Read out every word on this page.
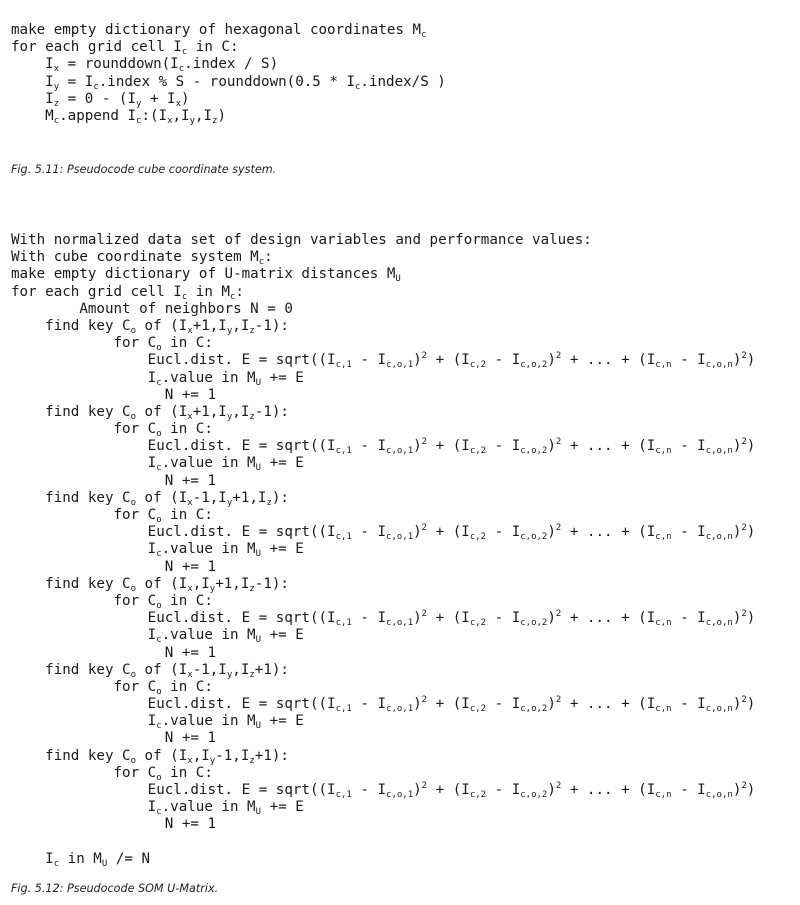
make empty dictionary of hexagonal coordinates $M_c$
for each grid cell $I_c$ in C:
$I_x$ = $rounddown(I_c.index / S)$
$I_y$ = $I_c.index$ % S - rounddown(0.5 * $I_c.index/S$ )
$I_z = 0 - (I_y + I_x)$
$M_c.append$ $I_c:(I_x,I_y,I_z)$
Fig. 5.11: Pseudocode cube coordinate system.
With normalized data set of design variables and performance values:
With cube coordinate system $M_c$:
make empty dictionary of U-matrix distances $M_U$
for each grid cell $I_c$ in $M_c$:
Amount of neighbors N = 0
find key $C_o$ of $(I_x+1,I_y,I_z-1)$:
for $C_o$ in C:
Eucl.dist. $E = sqrt((I_{c,1} - I_{c,o,1})^2 + (I_{c,2} - I_{c,o,2})^2$ + ... + $(I_{c,n} - I_{c,o,n})^2$)
$I_c.value$ in $M_U += E$
N += 1
find key $C_o$ of $(I_x+1,I_y,I_z-1)$:
for $C_o$ in C:
Eucl.dist. $E = sqrt((I_{c,1} - I_{c,o,1})^2 + (I_{c,2} - I_{c,o,2})^2$ + ... + $(I_{c,n} - I_{c,o,n})^2$)
$I_c.value$ in $M_U += E$
N += 1
find key $C_o$ of $(I_x-1,I_y+1,I_z)$:
for $C_o$ in C:
Eucl.dist. $E = sqrt((I_{c,1} - I_{c,o,1})^2 + (I_{c,2} - I_{c,o,2})^2$ + ... + $(I_{c,n} - I_{c,o,n})^2$)
$I_c.value$ in $M_U += E$
N += 1
find key $C_o$ of $(I_x,I_y+1,I_z-1)$:
for $C_o$ in C:
Eucl.dist. $E = sqrt((I_{c,1} - I_{c,o,1})^2 + (I_{c,2} - I_{c,o,2})^2$ + ... + $(I_{c,n} - I_{c,o,n})^2$)
$I_c.value$ in $M_U += E$
N += 1
find key $C_o$ of $(I_x-1,I_y,I_z+1)$:
for $C_o$ in C:
Eucl.dist. $E = sqrt((I_{c,1} - I_{c,o,1})^2 + (I_{c,2} - I_{c,o,2})^2$ + ... + $(I_{c,n} - I_{c,o,n})^2$)
$I_c.value$ in $M_U += E$
N += 1
find key $C_o$ of $(I_x,I_y-1,I_z+1)$:
for $C_o$ in C:
Eucl.dist. $E = sqrt((I_{c,1} - I_{c,o,1})^2 + (I_{c,2} - I_{c,o,2})^2$ + ... + $(I_{c,n} - I_{c,o,n})^2$)
$I_c.value$ in $M_U += E$
N += 1

$I_c$ in $M_U /= N$
Fig. 5.12: Pseudocode SOM U-Matrix.
